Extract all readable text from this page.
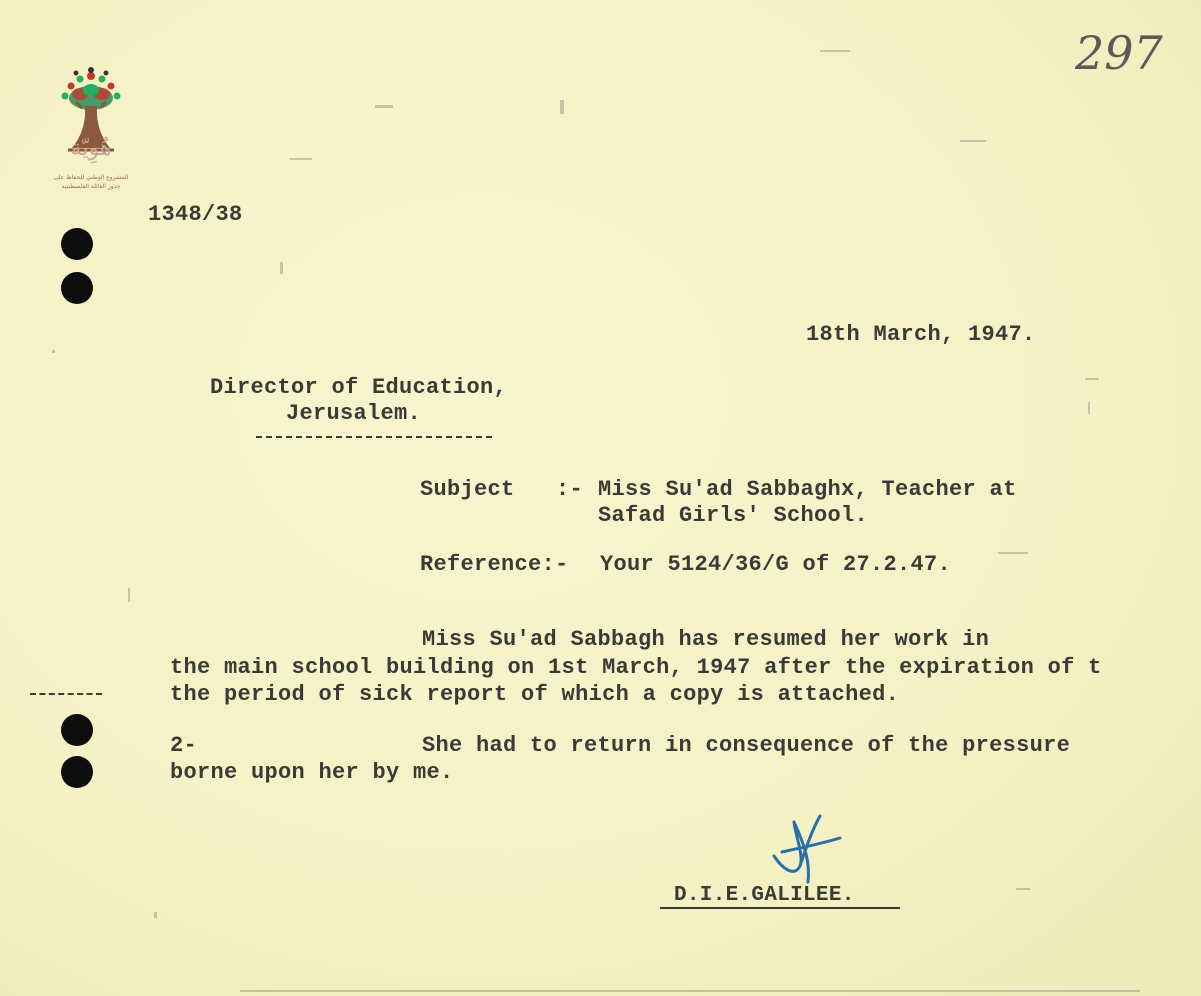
هُوِيّة
المشروع الوطني للحفاظ على
جذور العائلة الفلسطينية
297
1348/38
18th March, 1947.
Director of Education,
Jerusalem.
Subject :- Miss Su'ad Sabbaghx, Teacher at
Safad Girls' School.
Reference:- Your 5124/36/G of 27.2.47.
Miss Su'ad Sabbagh has resumed her work in
the main school building on 1st March, 1947 after the expiration of t
the period of sick report of which a copy is attached.
2-	She had to return in consequence of the pressure
borne upon her by me.
D.I.E.GALILEE.
